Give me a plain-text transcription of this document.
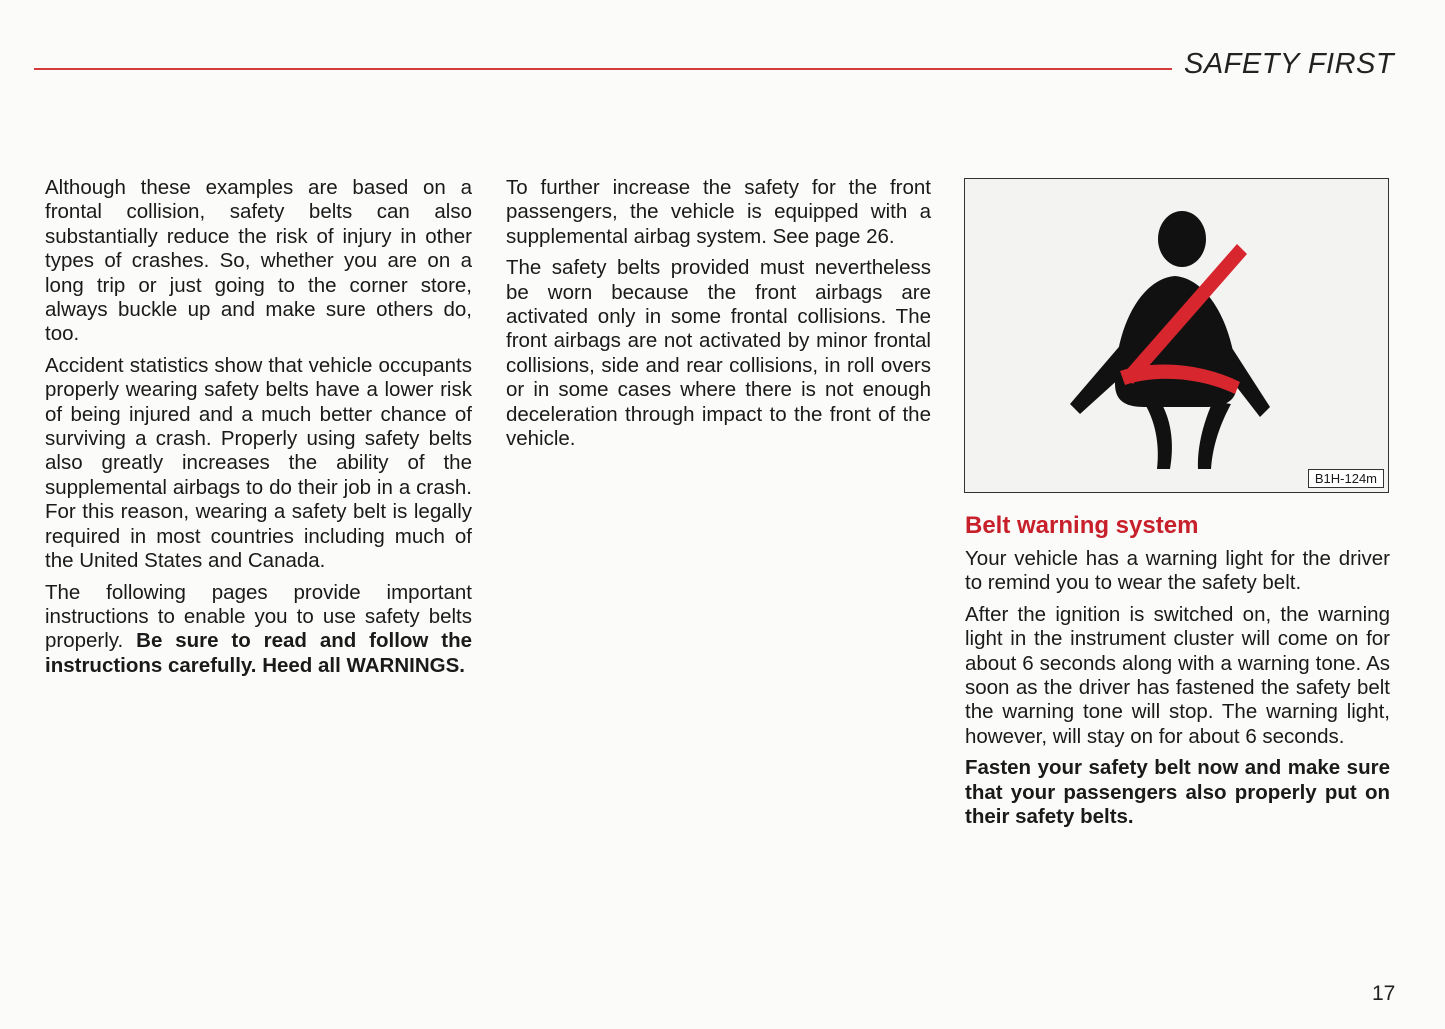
SAFETY FIRST

Although these examples are based on a frontal collision, safety belts can also substantially reduce the risk of injury in other types of crashes. So, whether you are on a long trip or just going to the corner store, always buckle up and make sure others do, too.

Accident statistics show that vehicle occupants properly wearing safety belts have a lower risk of being injured and a much better chance of surviving a crash. Properly using safety belts also greatly increases the ability of the supplemental airbags to do their job in a crash. For this reason, wearing a safety belt is legally required in most countries including much of the United States and Canada.

The following pages provide important instructions to enable you to use safety belts properly. Be sure to read and follow the instructions carefully. Heed all WARNINGS.

To further increase the safety for the front passengers, the vehicle is equipped with a supplemental airbag system. See page 26.

The safety belts provided must nevertheless be worn because the front airbags are activated only in some frontal collisions. The front airbags are not activated by minor frontal collisions, side and rear collisions, in roll overs or in some cases where there is not enough deceleration through impact to the front of the vehicle.

B1H-124m
Belt warning system

Your vehicle has a warning light for the driver to remind you to wear the safety belt.

After the ignition is switched on, the warning light in the instrument cluster will come on for about 6 seconds along with a warning tone. As soon as the driver has fastened the safety belt the warning tone will stop. The warning light, however, will stay on for about 6 seconds.

Fasten your safety belt now and make sure that your passengers also properly put on their safety belts.

17
